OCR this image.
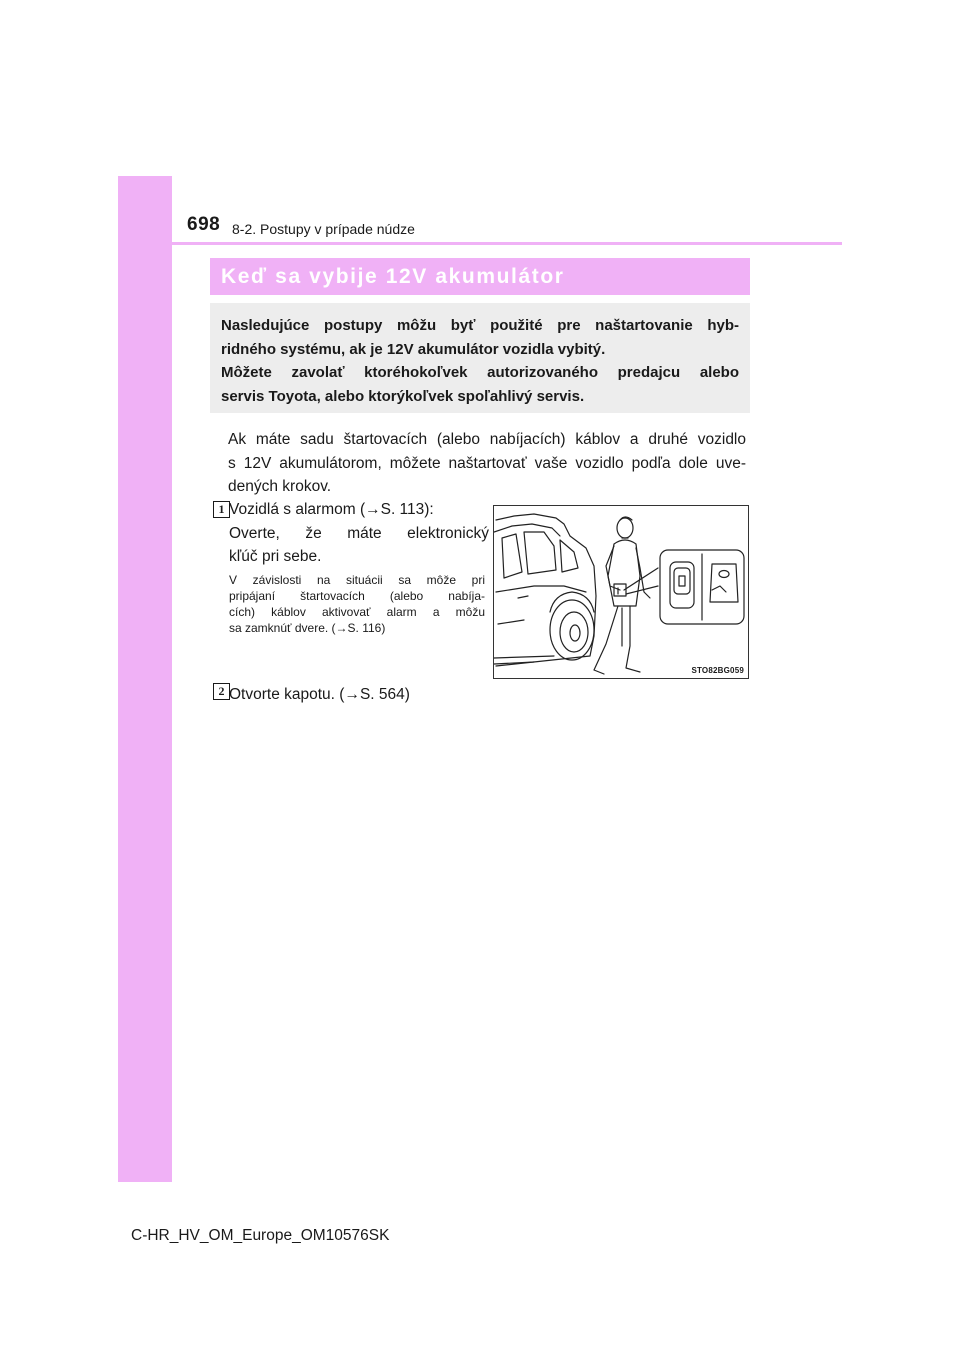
698 8-2. Postupy v prípade núdze
Keď sa vybije 12V akumulátor
Nasledujúce postupy môžu byť použité pre naštartovanie hyb-
ridného systému, ak je 12V akumulátor vozidla vybitý.
Môžete zavolať ktoréhokoľvek autorizovaného predajcu alebo
servis Toyota, alebo ktorýkoľvek spoľahlivý servis.
Ak máte sadu štartovacích (alebo nabíjacích) káblov a druhé vozidlo
s 12V akumulátorom, môžete naštartovať vaše vozidlo podľa dole uve-
dených krokov.
1 Vozidlá s alarmom (→S. 113):
Overte, že máte elektronický
kľúč pri sebe.
V závislosti na situácii sa môže pri
pripájaní štartovacích (alebo nabíja-
cích) káblov aktivovať alarm a môžu
sa zamknúť dvere. (→S. 116)
STO82BG059
2 Otvorte kapotu. (→S. 564)
C-HR_HV_OM_Europe_OM10576SK
